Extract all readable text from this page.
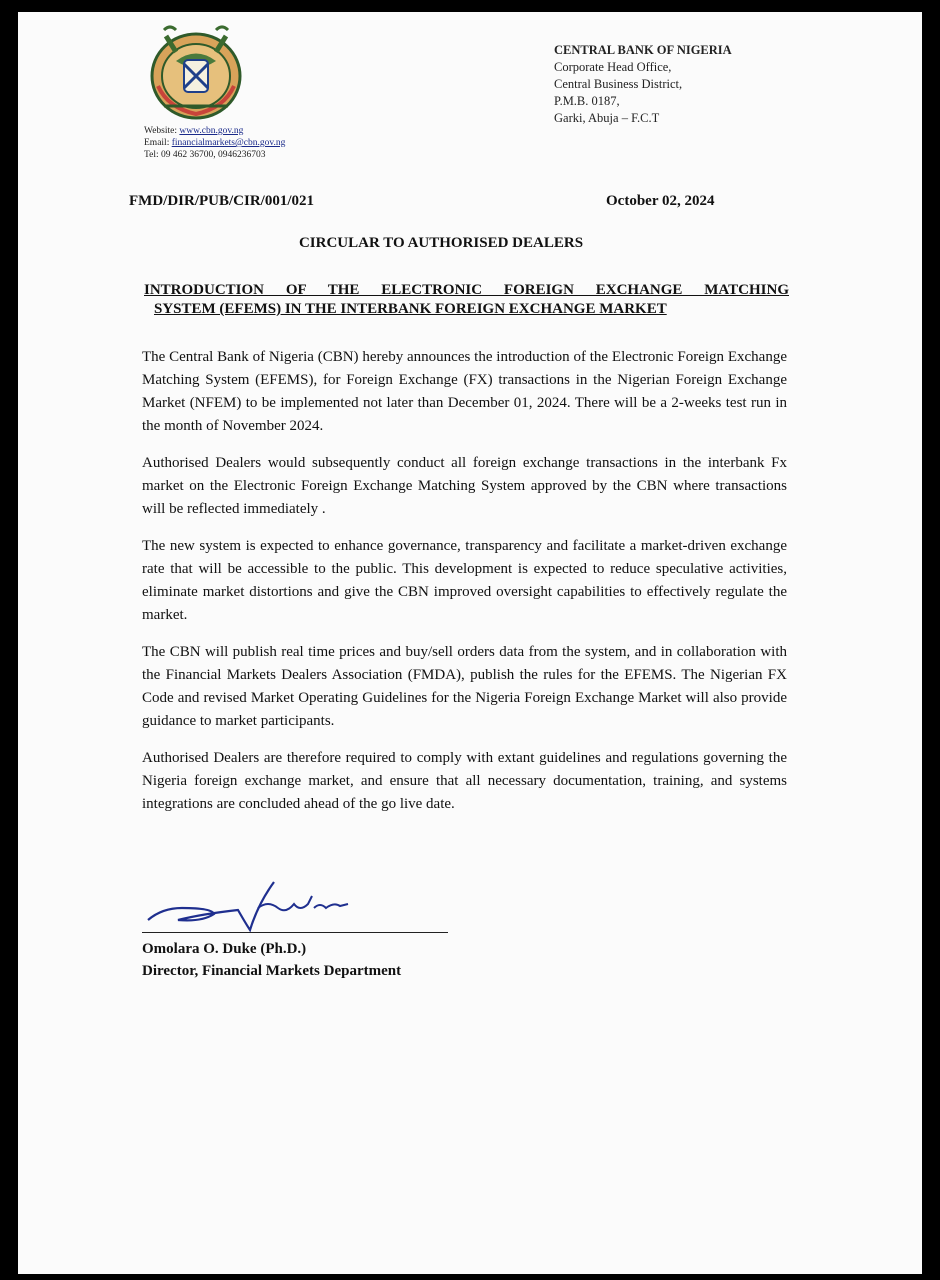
Website: www.cbn.gov.ng
Email: financialmarkets@cbn.gov.ng
Tel: 09 462 36700, 0946236703
CENTRAL BANK OF NIGERIA
Corporate Head Office,
Central Business District,
P.M.B. 0187,
Garki, Abuja – F.C.T
FMD/DIR/PUB/CIR/001/021	October 02, 2024
CIRCULAR TO AUTHORISED DEALERS
INTRODUCTION OF THE ELECTRONIC FOREIGN EXCHANGE MATCHING
SYSTEM (EFEMS) IN THE INTERBANK FOREIGN EXCHANGE MARKET

The Central Bank of Nigeria (CBN) hereby announces the introduction of the Electronic Foreign Exchange Matching System (EFEMS), for Foreign Exchange (FX) transactions in the Nigerian Foreign Exchange Market (NFEM) to be implemented not later than December 01, 2024. There will be a 2-weeks test run in the month of November 2024.

Authorised Dealers would subsequently conduct all foreign exchange transactions in the interbank Fx market on the Electronic Foreign Exchange Matching System approved by the CBN where transactions will be reflected immediately .

The new system is expected to enhance governance, transparency and facilitate a market-driven exchange rate that will be accessible to the public. This development is expected to reduce speculative activities, eliminate market distortions and give the CBN improved oversight capabilities to effectively regulate the market.

The CBN will publish real time prices and buy/sell orders data from the system, and in collaboration with the Financial Markets Dealers Association (FMDA), publish the rules for the EFEMS. The Nigerian FX Code and revised Market Operating Guidelines for the Nigeria Foreign Exchange Market will also provide guidance to market participants.

Authorised Dealers are therefore required to comply with extant guidelines and regulations governing the Nigeria foreign exchange market, and ensure that all necessary documentation, training, and systems integrations are concluded ahead of the go live date.

Omolara O. Duke (Ph.D.)
Director, Financial Markets Department
